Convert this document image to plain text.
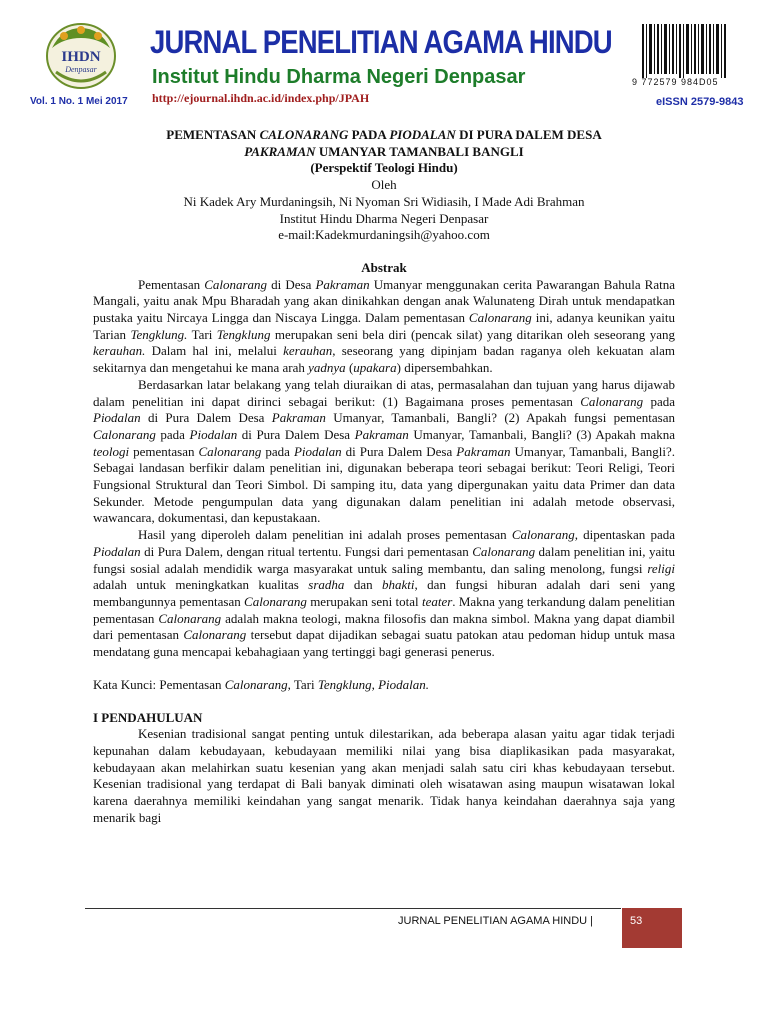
IHDN
Denpasar
Vol. 1 No. 1 Mei 2017
JURNAL PENELITIAN AGAMA HINDU
Institut Hindu Dharma Negeri Denpasar
http://ejournal.ihdn.ac.id/index.php/JPAH
9 772579 984D05
eISSN 2579-9843
PEMENTASAN CALONARANG PADA PIODALAN DI PURA DALEM DESA
PAKRAMAN UMANYAR TAMANBALI BANGLI
(Perspektif Teologi Hindu)
Oleh
Ni Kadek Ary Murdaningsih, Ni Nyoman Sri Widiasih, I Made Adi Brahman
Institut Hindu Dharma Negeri Denpasar
e-mail:Kadekmurdaningsih@yahoo.com
Abstrak

Pementasan Calonarang di Desa Pakraman Umanyar menggunakan cerita Pawarangan Bahula Ratna Mangali, yaitu anak Mpu Bharadah yang akan dinikahkan dengan anak Walunateng Dirah untuk mendapatkan pustaka yaitu Nircaya Lingga dan Niscaya Lingga. Dalam pementasan Calonarang ini, adanya keunikan yaitu Tarian Tengklung. Tari Tengklung merupakan seni bela diri (pencak silat) yang ditarikan oleh seseorang yang kerauhan. Dalam hal ini, melalui kerauhan, seseorang yang dipinjam badan raganya oleh kekuatan alam sekitarnya dan mengetahui ke mana arah yadnya (upakara) dipersembahkan.

Berdasarkan latar belakang yang telah diuraikan di atas, permasalahan dan tujuan yang harus dijawab dalam penelitian ini dapat dirinci sebagai berikut: (1) Bagaimana proses pementasan Calonarang pada Piodalan di Pura Dalem Desa Pakraman Umanyar, Tamanbali, Bangli? (2) Apakah fungsi pementasan Calonarang pada Piodalan di Pura Dalem Desa Pakraman Umanyar, Tamanbali, Bangli? (3) Apakah makna teologi pementasan Calonarang pada Piodalan di Pura Dalem Desa Pakraman Umanyar, Tamanbali, Bangli?. Sebagai landasan berfikir dalam penelitian ini, digunakan beberapa teori sebagai berikut: Teori Religi, Teori Fungsional Struktural dan Teori Simbol. Di samping itu, data yang dipergunakan yaitu data Primer dan data Sekunder. Metode pengumpulan data yang digunakan dalam penelitian ini adalah metode observasi, wawancara, dokumentasi, dan kepustakaan.

Hasil yang diperoleh dalam penelitian ini adalah proses pementasan Calonarang, dipentaskan pada Piodalan di Pura Dalem, dengan ritual tertentu. Fungsi dari pementasan Calonarang dalam penelitian ini, yaitu fungsi sosial adalah mendidik warga masyarakat untuk saling membantu, dan saling menolong, fungsi religi adalah untuk meningkatkan kualitas sradha dan bhakti, dan fungsi hiburan adalah dari seni yang membangunnya pementasan Calonarang merupakan seni total teater. Makna yang terkandung dalam penelitian pementasan Calonarang adalah makna teologi, makna filosofis dan makna simbol. Makna yang dapat diambil dari pementasan Calonarang tersebut dapat dijadikan sebagai suatu patokan atau pedoman hidup untuk masa mendatang guna mencapai kebahagiaan yang tertinggi bagi generasi penerus.

Kata Kunci: Pementasan Calonarang, Tari Tengklung, Piodalan.

I PENDAHULUAN

Kesenian tradisional sangat penting untuk dilestarikan, ada beberapa alasan yaitu agar tidak terjadi kepunahan dalam kebudayaan, kebudayaan memiliki nilai yang bisa diaplikasikan pada masyarakat, kebudayaan akan melahirkan suatu kesenian yang akan menjadi salah satu ciri khas kebudayaan tersebut. Kesenian tradisional yang terdapat di Bali banyak diminati oleh wisatawan asing maupun wisatawan lokal karena daerahnya memiliki keindahan yang sangat menarik. Tidak hanya keindahan daerahnya saja yang menarik bagi

JURNAL PENELITIAN AGAMA HINDU |	53
